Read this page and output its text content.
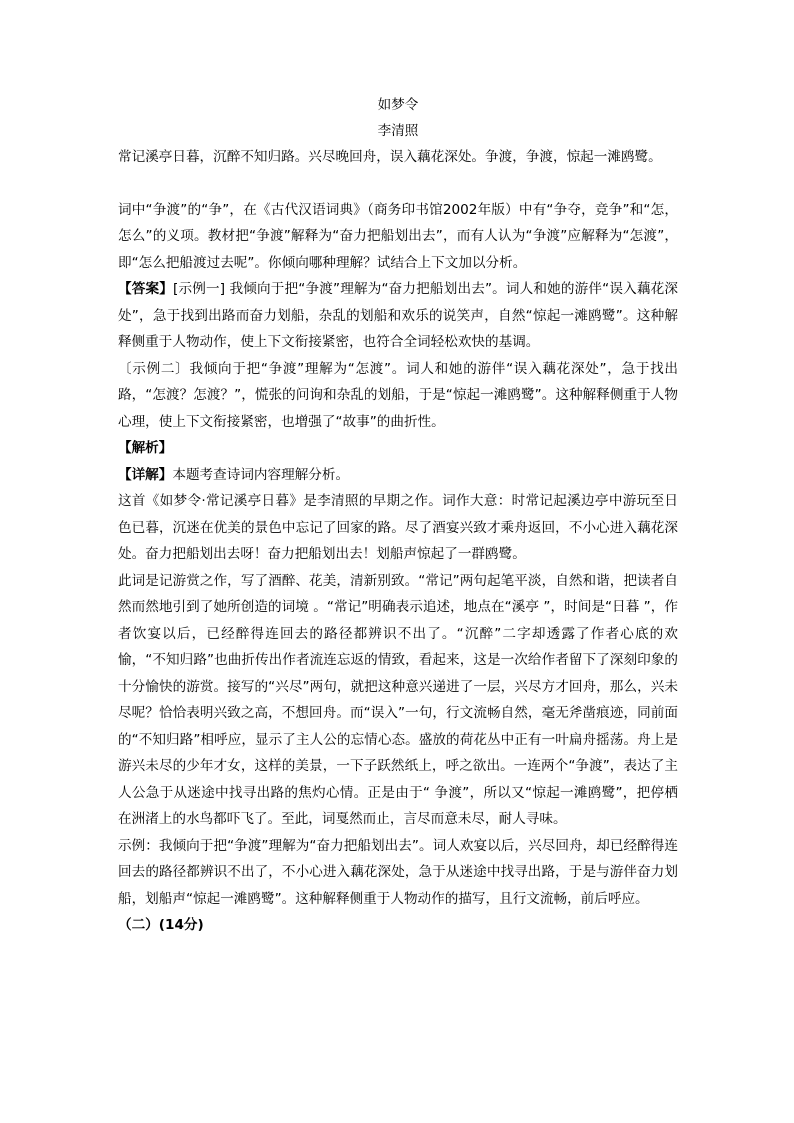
如梦令
李清照
常记溪亭日暮，沉醉不知归路。兴尽晚回舟，误入藕花深处。争渡，争渡，惊起一滩鸥鹭。

词中“争渡”的“争”，在《古代汉语词典》（商务印书馆2002年版）中有“争夺，竞争”和“怎，怎么”的义项。教材把“争渡”解释为“奋力把船划出去”，而有人认为“争渡”应解释为“怎渡”，即“怎么把船渡过去呢”。你倾向哪种理解？试结合上下文加以分析。

【答案】[示例一] 我倾向于把“争渡”理解为“奋力把船划出去”。词人和她的游伴“误入藕花深处”，急于找到出路而奋力划船，杂乱的划船和欢乐的说笑声，自然“惊起一滩鸥鹭”。这种解释侧重于人物动作，使上下文衔接紧密，也符合全词轻松欢快的基调。

〔示例二〕我倾向于把“争渡”理解为“怎渡”。词人和她的游伴“误入藕花深处”，急于找出路，“怎渡？怎渡？”，慌张的问询和杂乱的划船，于是“惊起一滩鸥鹭”。这种解释侧重于人物心理，使上下文衔接紧密，也增强了“故事”的曲折性。

【解析】
【详解】本题考查诗词内容理解分析。

这首《如梦令·常记溪亭日暮》是李清照的早期之作。词作大意：时常记起溪边亭中游玩至日色已暮，沉迷在优美的景色中忘记了回家的路。尽了酒宴兴致才乘舟返回，不小心进入藕花深处。奋力把船划出去呀！奋力把船划出去！划船声惊起了一群鸥鹭。

此词是记游赏之作，写了酒醉、花美，清新别致。“常记”两句起笔平淡，自然和谐，把读者自然而然地引到了她所创造的词境 。“常记”明确表示追述，地点在“溪亭 ”，时间是“日暮 ”，作者饮宴以后，已经醉得连回去的路径都辨识不出了。“沉醉”二字却透露了作者心底的欢愉，“不知归路”也曲折传出作者流连忘返的情致，看起来，这是一次给作者留下了深刻印象的十分愉快的游赏。接写的“兴尽”两句，就把这种意兴递进了一层，兴尽方才回舟，那么，兴未尽呢？恰恰表明兴致之高，不想回舟。而“误入”一句，行文流畅自然，毫无斧凿痕迹，同前面的“不知归路”相呼应，显示了主人公的忘情心态。盛放的荷花丛中正有一叶扁舟摇荡。舟上是游兴未尽的少年才女，这样的美景，一下子跃然纸上，呼之欲出。一连两个“争渡”，表达了主人公急于从迷途中找寻出路的焦灼心情。正是由于“ 争渡”，所以又“惊起一滩鸥鹭”，把停栖在洲渚上的水鸟都吓飞了。至此，词戛然而止，言尽而意未尽，耐人寻味。

示例：我倾向于把“争渡”理解为“奋力把船划出去”。词人欢宴以后，兴尽回舟，却已经醉得连回去的路径都辨识不出了，不小心进入藕花深处，急于从迷途中找寻出路，于是与游伴奋力划船，划船声“惊起一滩鸥鹭”。这种解释侧重于人物动作的描写，且行文流畅，前后呼应。

（二）(14分)
